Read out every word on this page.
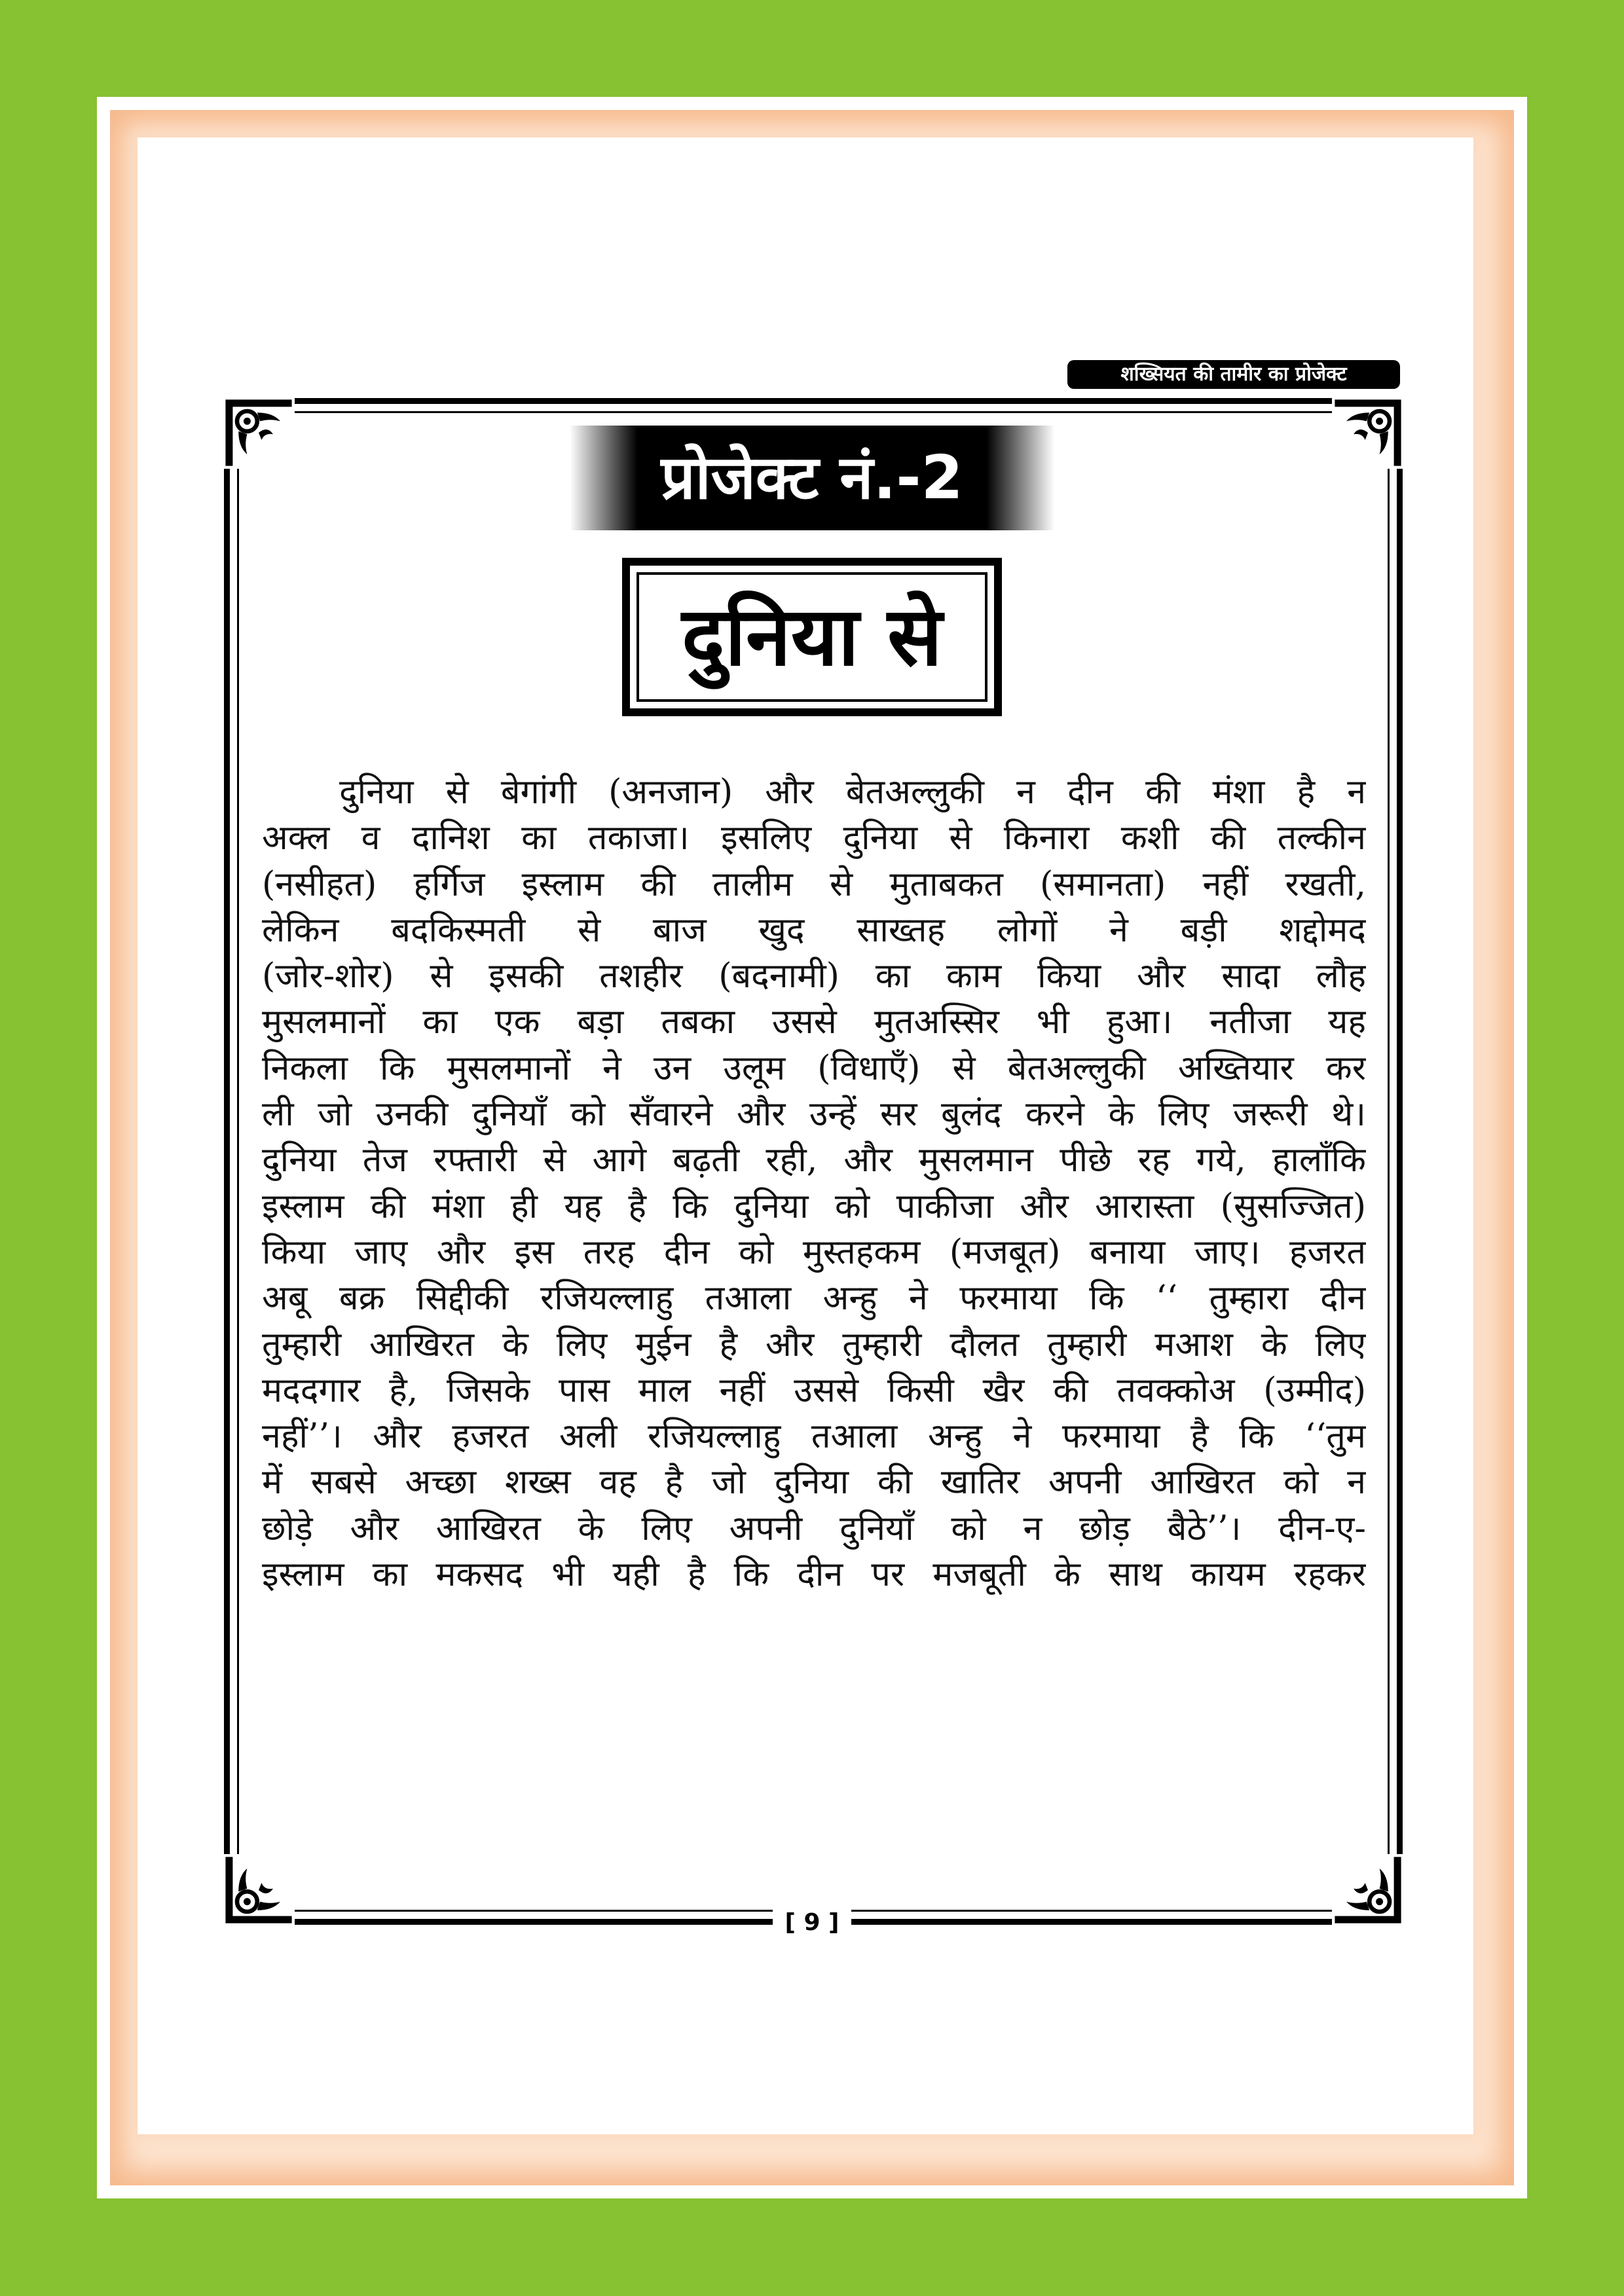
शख्सियत की तामीर का प्रोजेक्ट
प्रोजेक्ट नं.-2
दुनिया से
दुनिया से बेगांगी (अनजान) और बेतअल्लुकी न दीन की मंशा है न
अक्ल व दानिश का तकाजा। इसलिए दुनिया से किनारा कशी की तल्कीन
(नसीहत) हर्गिज इस्लाम की तालीम से मुताबकत (समानता) नहीं रखती,
लेकिन बदकिस्मती से बाज खुद साख्तह लोगों ने बड़ी शद्दोमद
(जोर-शोर) से इसकी तशहीर (बदनामी) का काम किया और सादा लौह
मुसलमानों का एक बड़ा तबका उससे मुतअस्सिर भी हुआ। नतीजा यह
निकला कि मुसलमानों ने उन उलूम (विधाएँ) से बेतअल्लुकी अख्तियार कर
ली जो उनकी दुनियाँ को सँवारने और उन्हें सर बुलंद करने के लिए जरूरी थे।
दुनिया तेज रफ्तारी से आगे बढ़ती रही, और मुसलमान पीछे रह गये, हालाँकि
इस्लाम की मंशा ही यह है कि दुनिया को पाकीजा और आरास्ता (सुसज्जित)
किया जाए और इस तरह दीन को मुस्तहकम (मजबूत) बनाया जाए। हजरत
अबू बक्र सिद्दीकी रजियल्लाहु तआला अन्हु ने फरमाया कि ‘‘ तुम्हारा दीन
तुम्हारी आखिरत के लिए मुईन है और तुम्हारी दौलत तुम्हारी मआश के लिए
मददगार है, जिसके पास माल नहीं उससे किसी खैर की तवक्कोअ (उम्मीद)
नहीं’’। और हजरत अली रजियल्लाहु तआला अन्हु ने फरमाया है कि ‘‘तुम
में सबसे अच्छा शख्स वह है जो दुनिया की खातिर अपनी आखिरत को न
छोड़े और आखिरत के लिए अपनी दुनियाँ को न छोड़ बैठे’’। दीन-ए-
इस्लाम का मकसद भी यही है कि दीन पर मजबूती के साथ कायम रहकर
[ 9 ]
